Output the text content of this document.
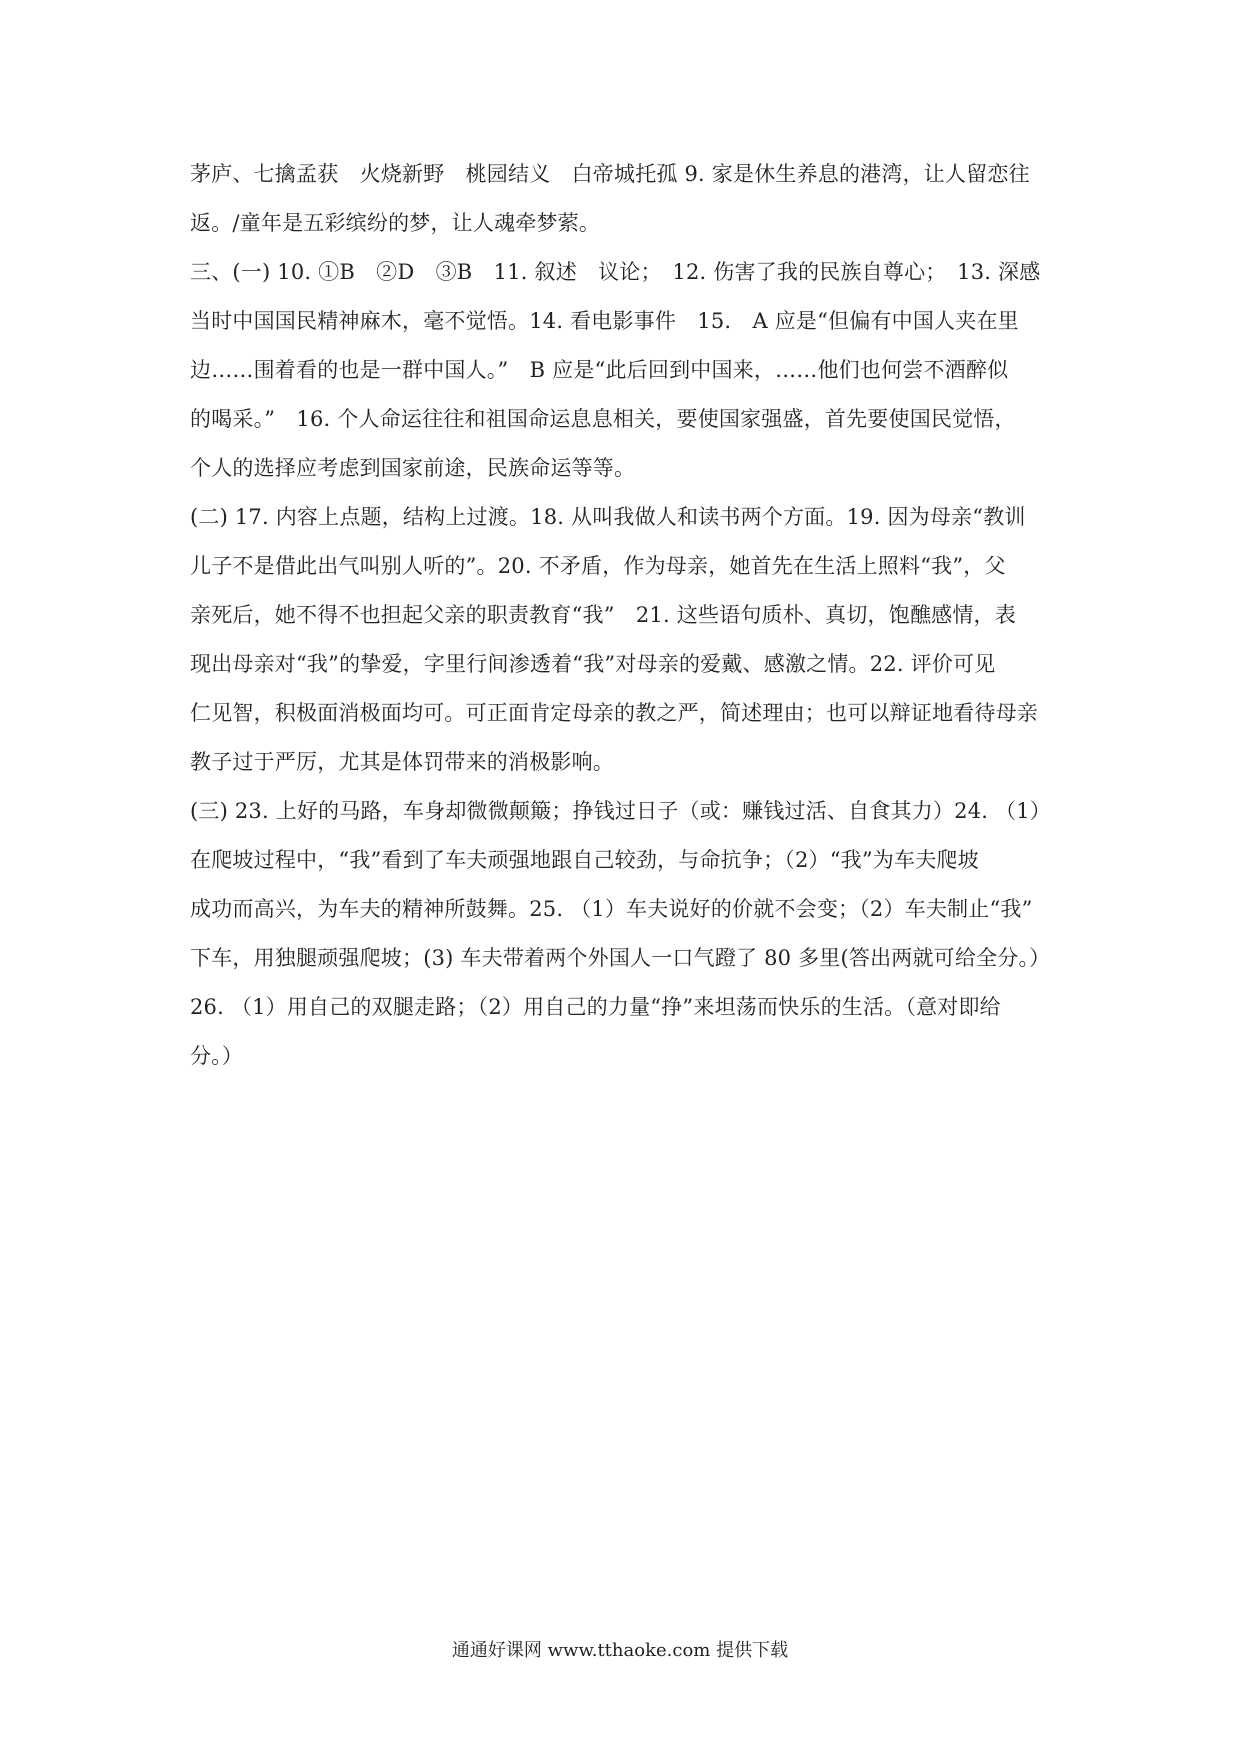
茅庐、七擒孟获　火烧新野　桃园结义　白帝城托孤 9. 家是休生养息的港湾，让人留恋往
返。/童年是五彩缤纷的梦，让人魂牵梦萦。

三、(一) 10. ①B　②D　③B　11. 叙述　议论；　12. 伤害了我的民族自尊心；　13. 深感
当时中国国民精神麻木，毫不觉悟。14. 看电影事件　15.　A 应是“但偏有中国人夹在里
边……围着看的也是一群中国人。”　B 应是“此后回到中国来，……他们也何尝不酒醉似
的喝采。”　16. 个人命运往往和祖国命运息息相关，要使国家强盛，首先要使国民觉悟，
个人的选择应考虑到国家前途，民族命运等等。

(二) 17. 内容上点题，结构上过渡。18. 从叫我做人和读书两个方面。19. 因为母亲“教训
儿子不是借此出气叫别人听的”。20. 不矛盾，作为母亲，她首先在生活上照料“我”，父
亲死后，她不得不也担起父亲的职责教育“我”　21. 这些语句质朴、真切，饱醮感情，表
现出母亲对“我”的挚爱，字里行间渗透着“我”对母亲的爱戴、感激之情。22. 评价可见
仁见智，积极面消极面均可。可正面肯定母亲的教之严，简述理由；也可以辩证地看待母亲
教子过于严厉，尤其是体罚带来的消极影响。

(三) 23. 上好的马路，车身却微微颠簸；挣钱过日子（或：赚钱过活、自食其力）24. （1）
在爬坡过程中，“我”看到了车夫顽强地跟自己较劲，与命抗争；（2）“我”为车夫爬坡
成功而高兴，为车夫的精神所鼓舞。25. （1）车夫说好的价就不会变；（2）车夫制止“我”
下车，用独腿顽强爬坡；(3) 车夫带着两个外国人一口气蹬了 80 多里(答出两就可给全分。）
26. （1）用自己的双腿走路；（2）用自己的力量“挣”来坦荡而快乐的生活。（意对即给
分。）

通通好课网 www.tthaoke.com 提供下载
